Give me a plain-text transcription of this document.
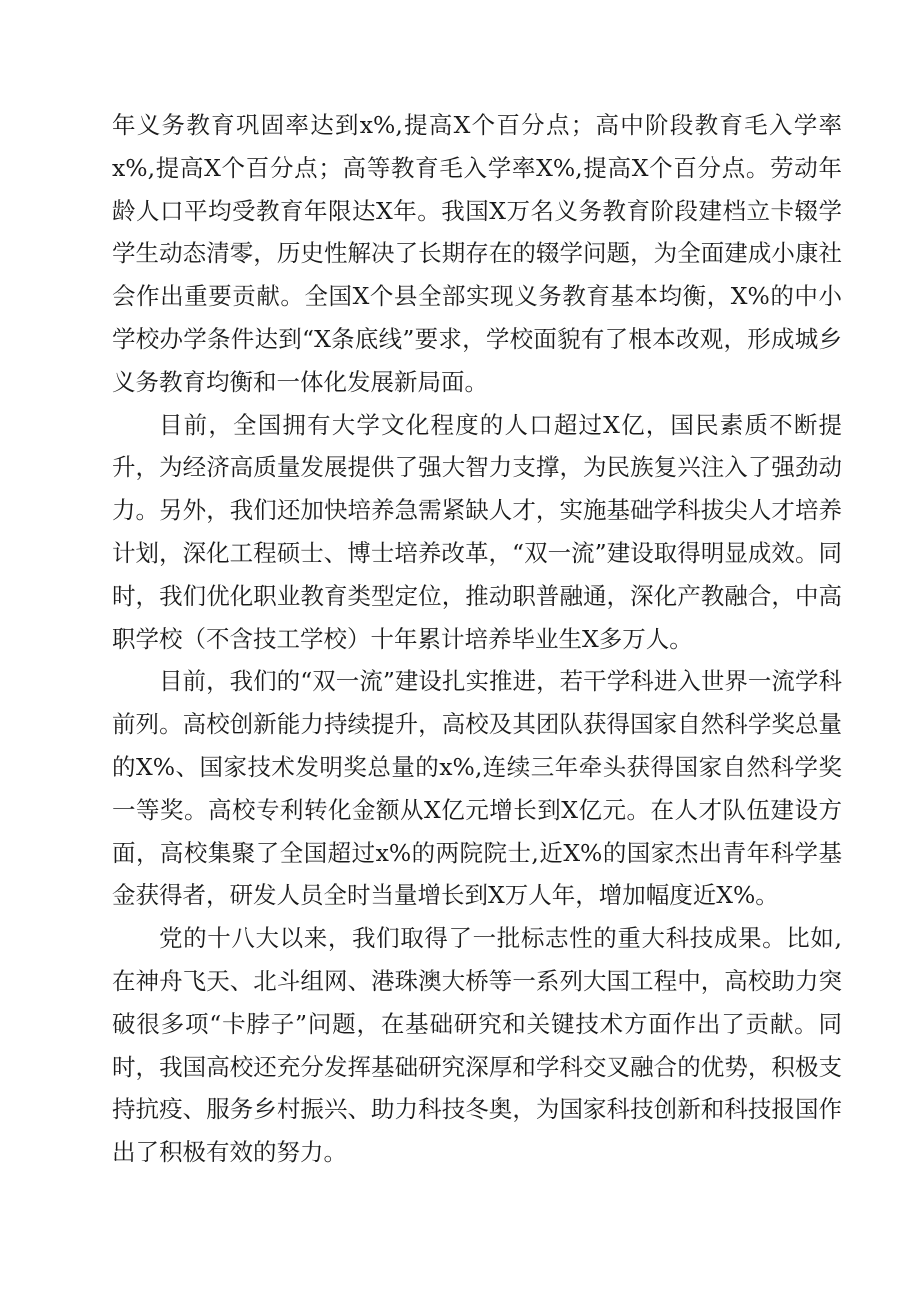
年义务教育巩固率达到x%,提高X个百分点；高中阶段教育毛入学率x%,提高X个百分点；高等教育毛入学率X%,提高X个百分点。劳动年龄人口平均受教育年限达X年。我国X万名义务教育阶段建档立卡辍学学生动态清零，历史性解决了长期存在的辍学问题，为全面建成小康社会作出重要贡献。全国X个县全部实现义务教育基本均衡，X%的中小学校办学条件达到“X条底线”要求，学校面貌有了根本改观，形成城乡义务教育均衡和一体化发展新局面。

目前，全国拥有大学文化程度的人口超过X亿，国民素质不断提升，为经济高质量发展提供了强大智力支撑，为民族复兴注入了强劲动力。另外，我们还加快培养急需紧缺人才，实施基础学科拔尖人才培养计划，深化工程硕士、博士培养改革，“双一流”建设取得明显成效。同时，我们优化职业教育类型定位，推动职普融通，深化产教融合，中高职学校（不含技工学校）十年累计培养毕业生X多万人。

目前，我们的“双一流”建设扎实推进，若干学科进入世界一流学科前列。高校创新能力持续提升，高校及其团队获得国家自然科学奖总量的X%、国家技术发明奖总量的x%,连续三年牵头获得国家自然科学奖一等奖。高校专利转化金额从X亿元增长到X亿元。在人才队伍建设方面，高校集聚了全国超过x%的两院院士,近X%的国家杰出青年科学基金获得者，研发人员全时当量增长到X万人年，增加幅度近X%。

党的十八大以来，我们取得了一批标志性的重大科技成果。比如,在神舟飞天、北斗组网、港珠澳大桥等一系列大国工程中，高校助力突破很多项“卡脖子”问题，在基础研究和关键技术方面作出了贡献。同时，我国高校还充分发挥基础研究深厚和学科交叉融合的优势，积极支持抗疫、服务乡村振兴、助力科技冬奥，为国家科技创新和科技报国作出了积极有效的努力。
